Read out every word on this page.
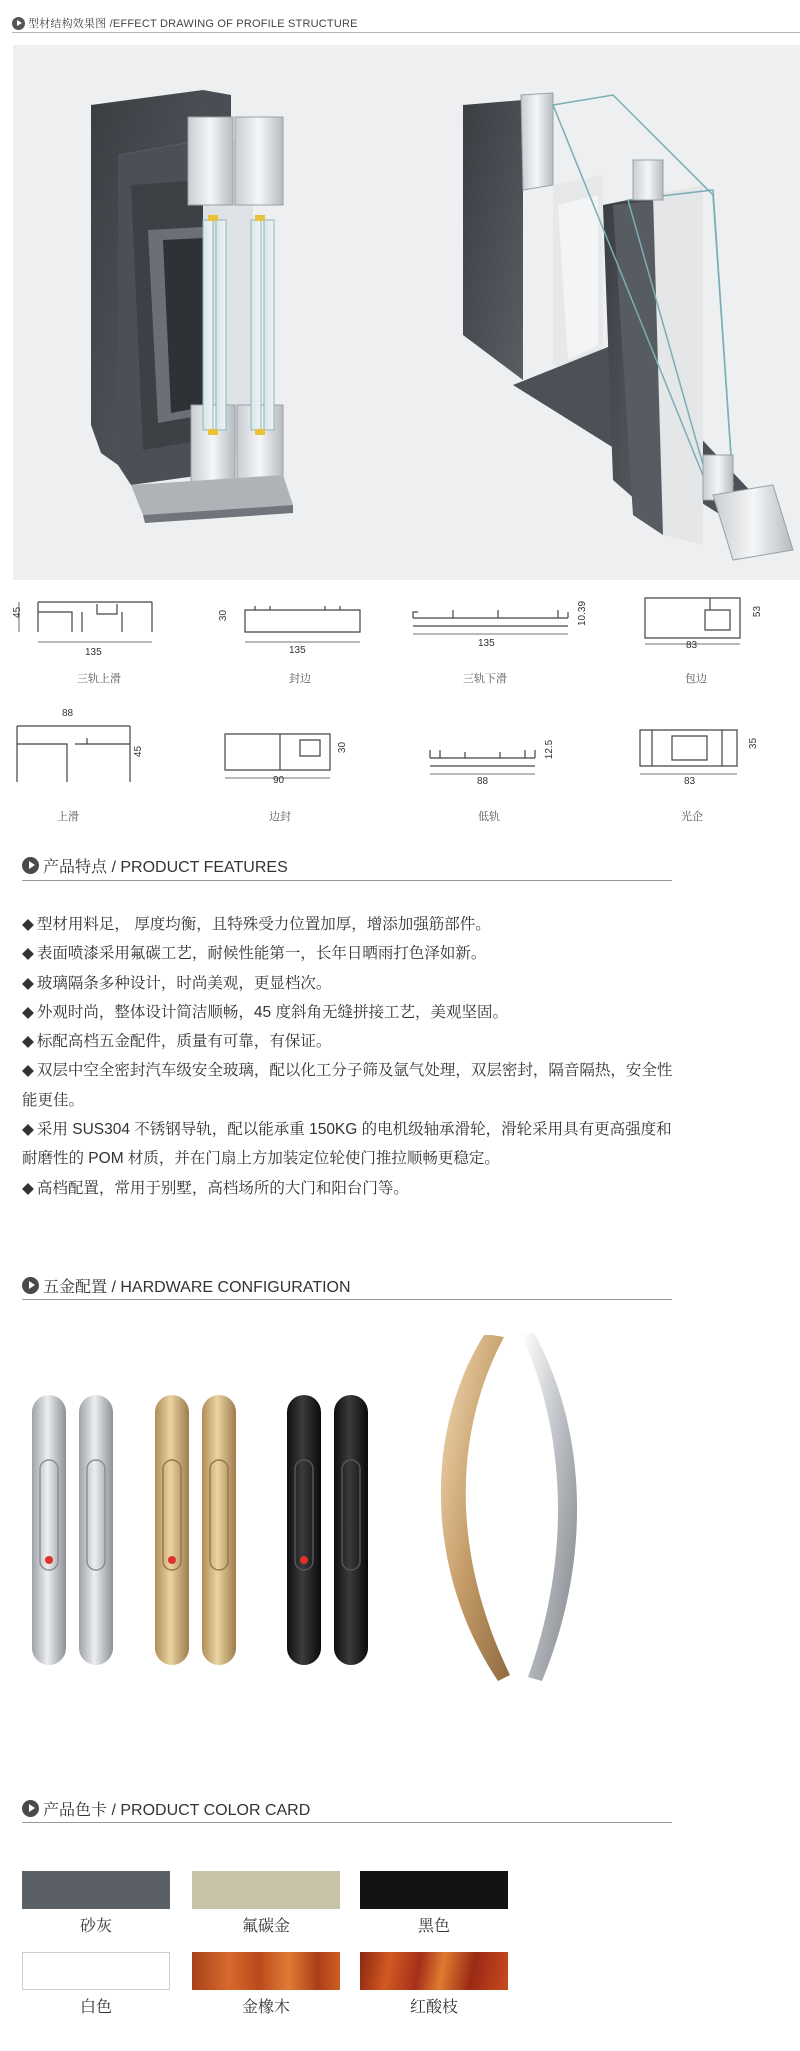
型材结构效果图 /EFFECT DRAWING OF PROFILE STRUCTURE
45
135
三轨上滑
30
135
封边
10.39
135
三轨下滑
53
83
包边
88
45
上滑
30
90
边封
12.5
88
低轨
35
83
光企
产品特点 / PRODUCT FEATURES
◆ 型材用料足， 厚度均衡，且特殊受力位置加厚，增添加强筋部件。
◆ 表面喷漆采用氟碳工艺，耐候性能第一，长年日晒雨打色泽如新。
◆ 玻璃隔条多种设计，时尚美观，更显档次。
◆ 外观时尚，整体设计简洁顺畅，45 度斜角无缝拼接工艺，美观坚固。
◆ 标配高档五金配件，质量有可靠，有保证。
◆ 双层中空全密封汽车级安全玻璃，配以化工分子筛及氩气处理，双层密封，隔音隔热，安全性能更佳。
◆ 采用 SUS304 不锈钢导轨，配以能承重 150KG 的电机级轴承滑轮，滑轮采用具有更高强度和耐磨性的 POM 材质，并在门扇上方加装定位轮使门推拉顺畅更稳定。
◆ 高档配置，常用于别墅，高档场所的大门和阳台门等。
五金配置 / HARDWARE CONFIGURATION
产品色卡 / PRODUCT COLOR CARD
砂灰	氟碳金	黑色
白色	金橡木	红酸枝
